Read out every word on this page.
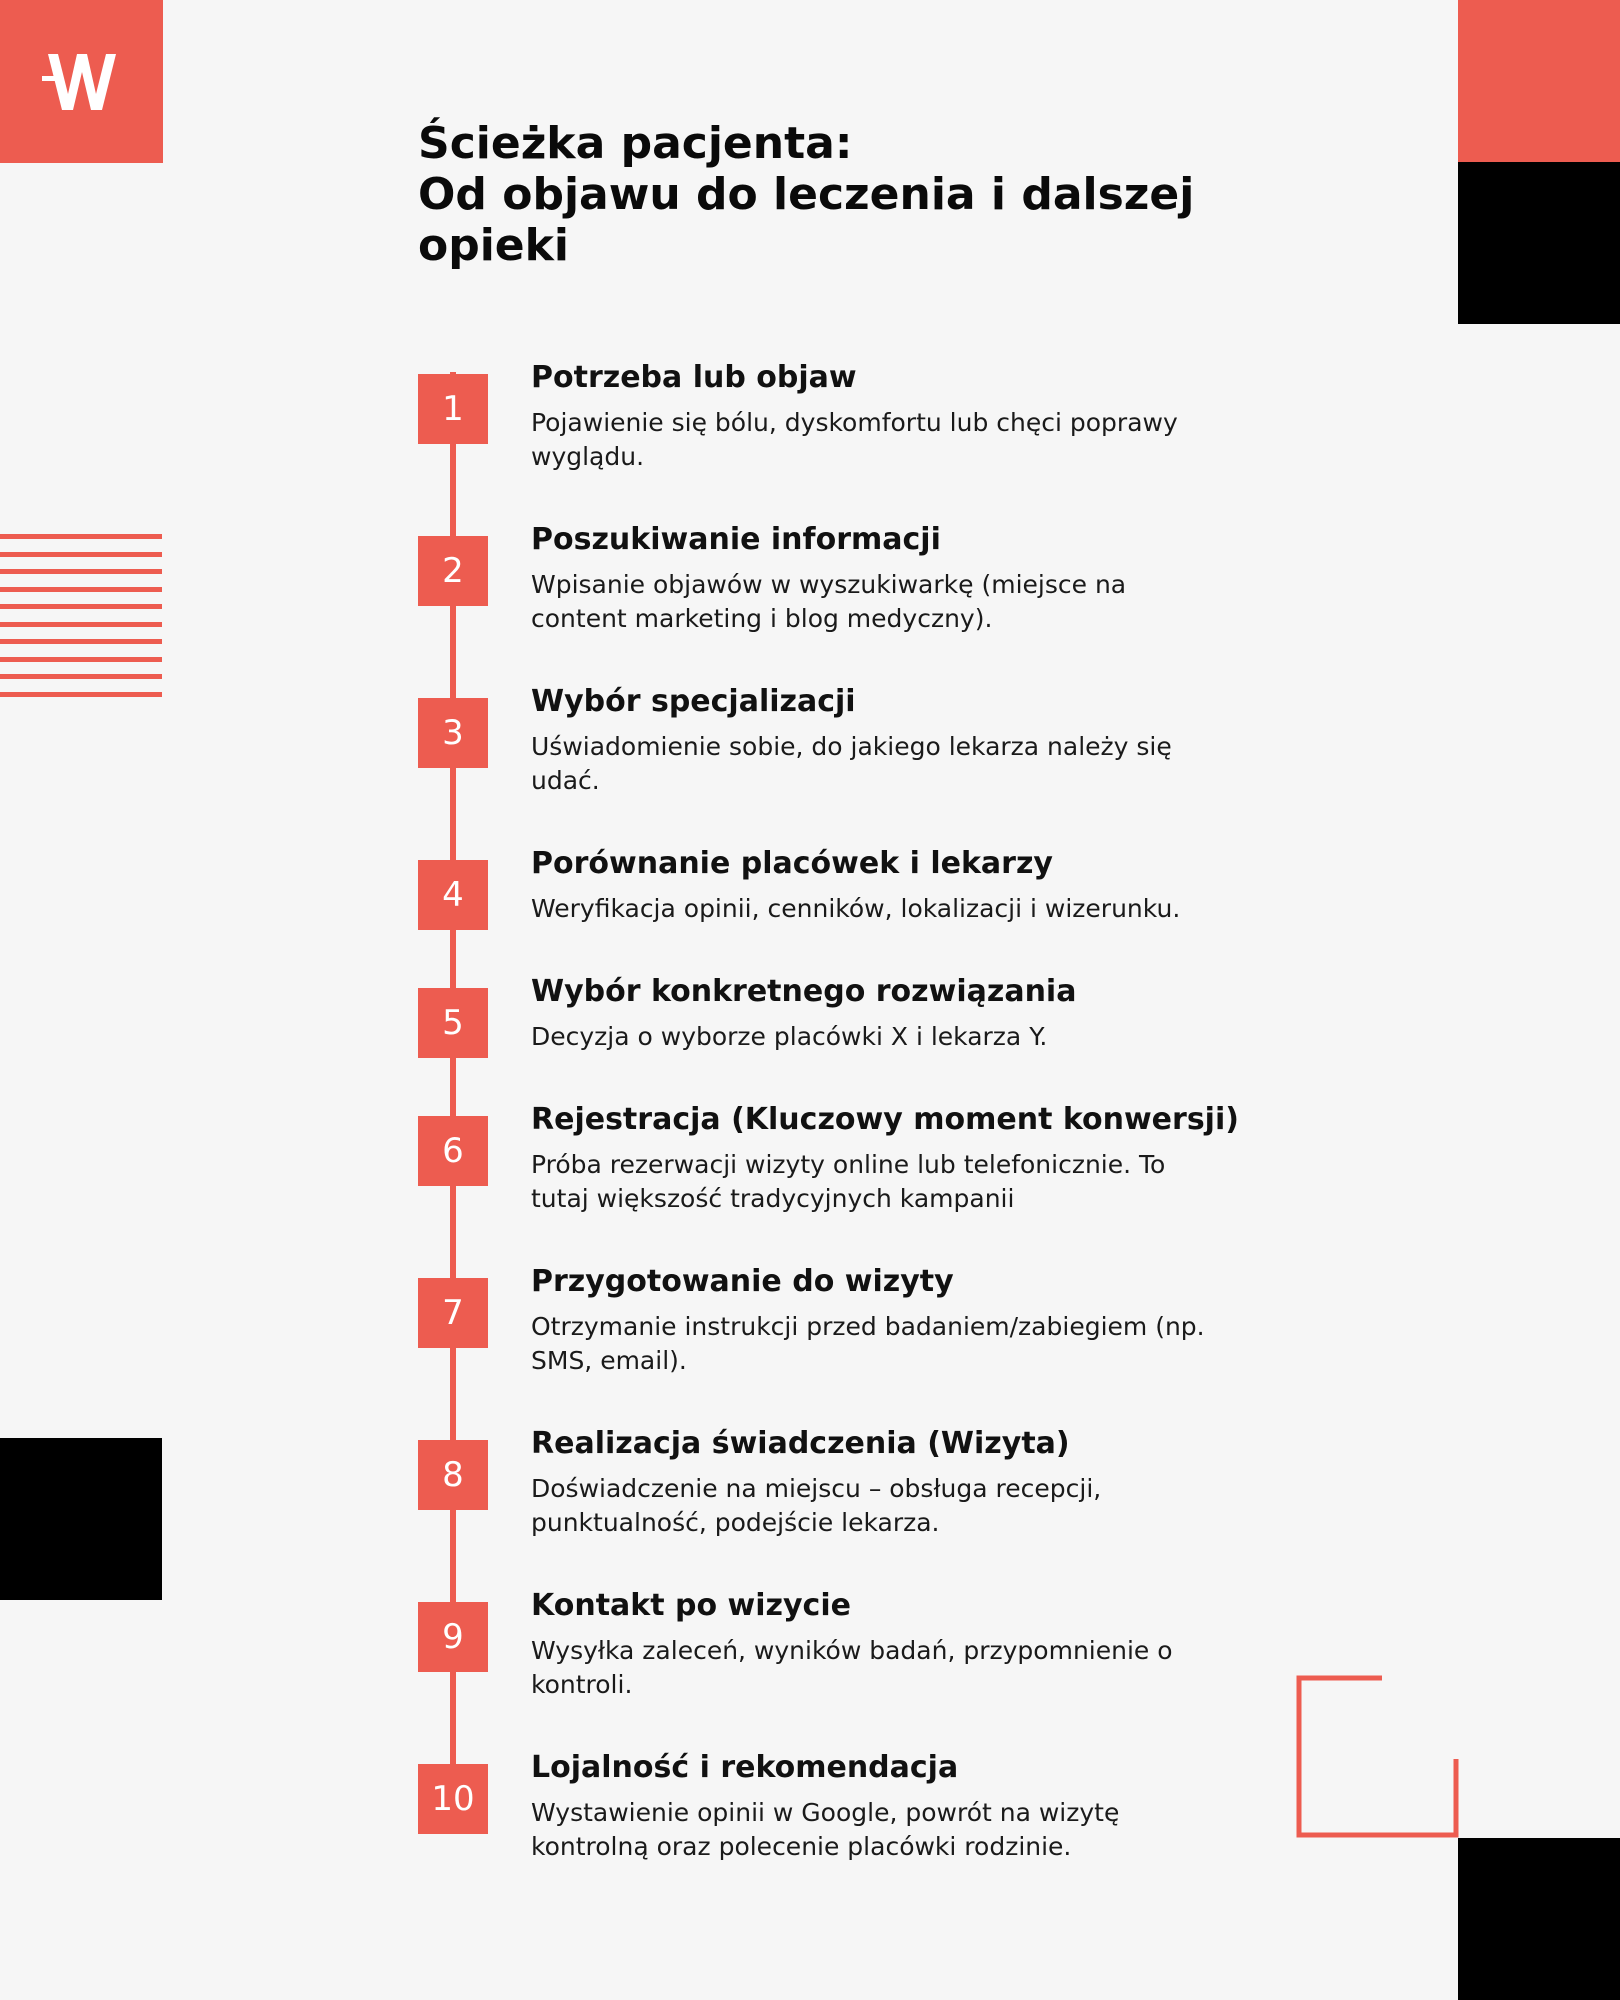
Ścieżka pacjenta:
Od objawu do leczenia i dalszej
opieki
1
Potrzeba lub objaw

Pojawienie się bólu, dyskomfortu lub chęci poprawy wyglądu.

2
Poszukiwanie informacji

Wpisanie objawów w wyszukiwarkę (miejsce na content marketing i blog medyczny).

3
Wybór specjalizacji

Uświadomienie sobie, do jakiego lekarza należy się udać.

4
Porównanie placówek i lekarzy

Weryfikacja opinii, cenników, lokalizacji i wizerunku.

5
Wybór konkretnego rozwiązania

Decyzja o wyborze placówki X i lekarza Y.

6
Rejestracja (Kluczowy moment konwersji)

Próba rezerwacji wizyty online lub telefonicznie. To tutaj większość tradycyjnych kampanii

7
Przygotowanie do wizyty

Otrzymanie instrukcji przed badaniem/zabiegiem (np. SMS, email).

8
Realizacja świadczenia (Wizyta)

Doświadczenie na miejscu – obsługa recepcji, punktualność, podejście lekarza.

9
Kontakt po wizycie

Wysyłka zaleceń, wyników badań, przypomnienie o kontroli.

10
Lojalność i rekomendacja

Wystawienie opinii w Google, powrót na wizytę kontrolną oraz polecenie placówki rodzinie.
